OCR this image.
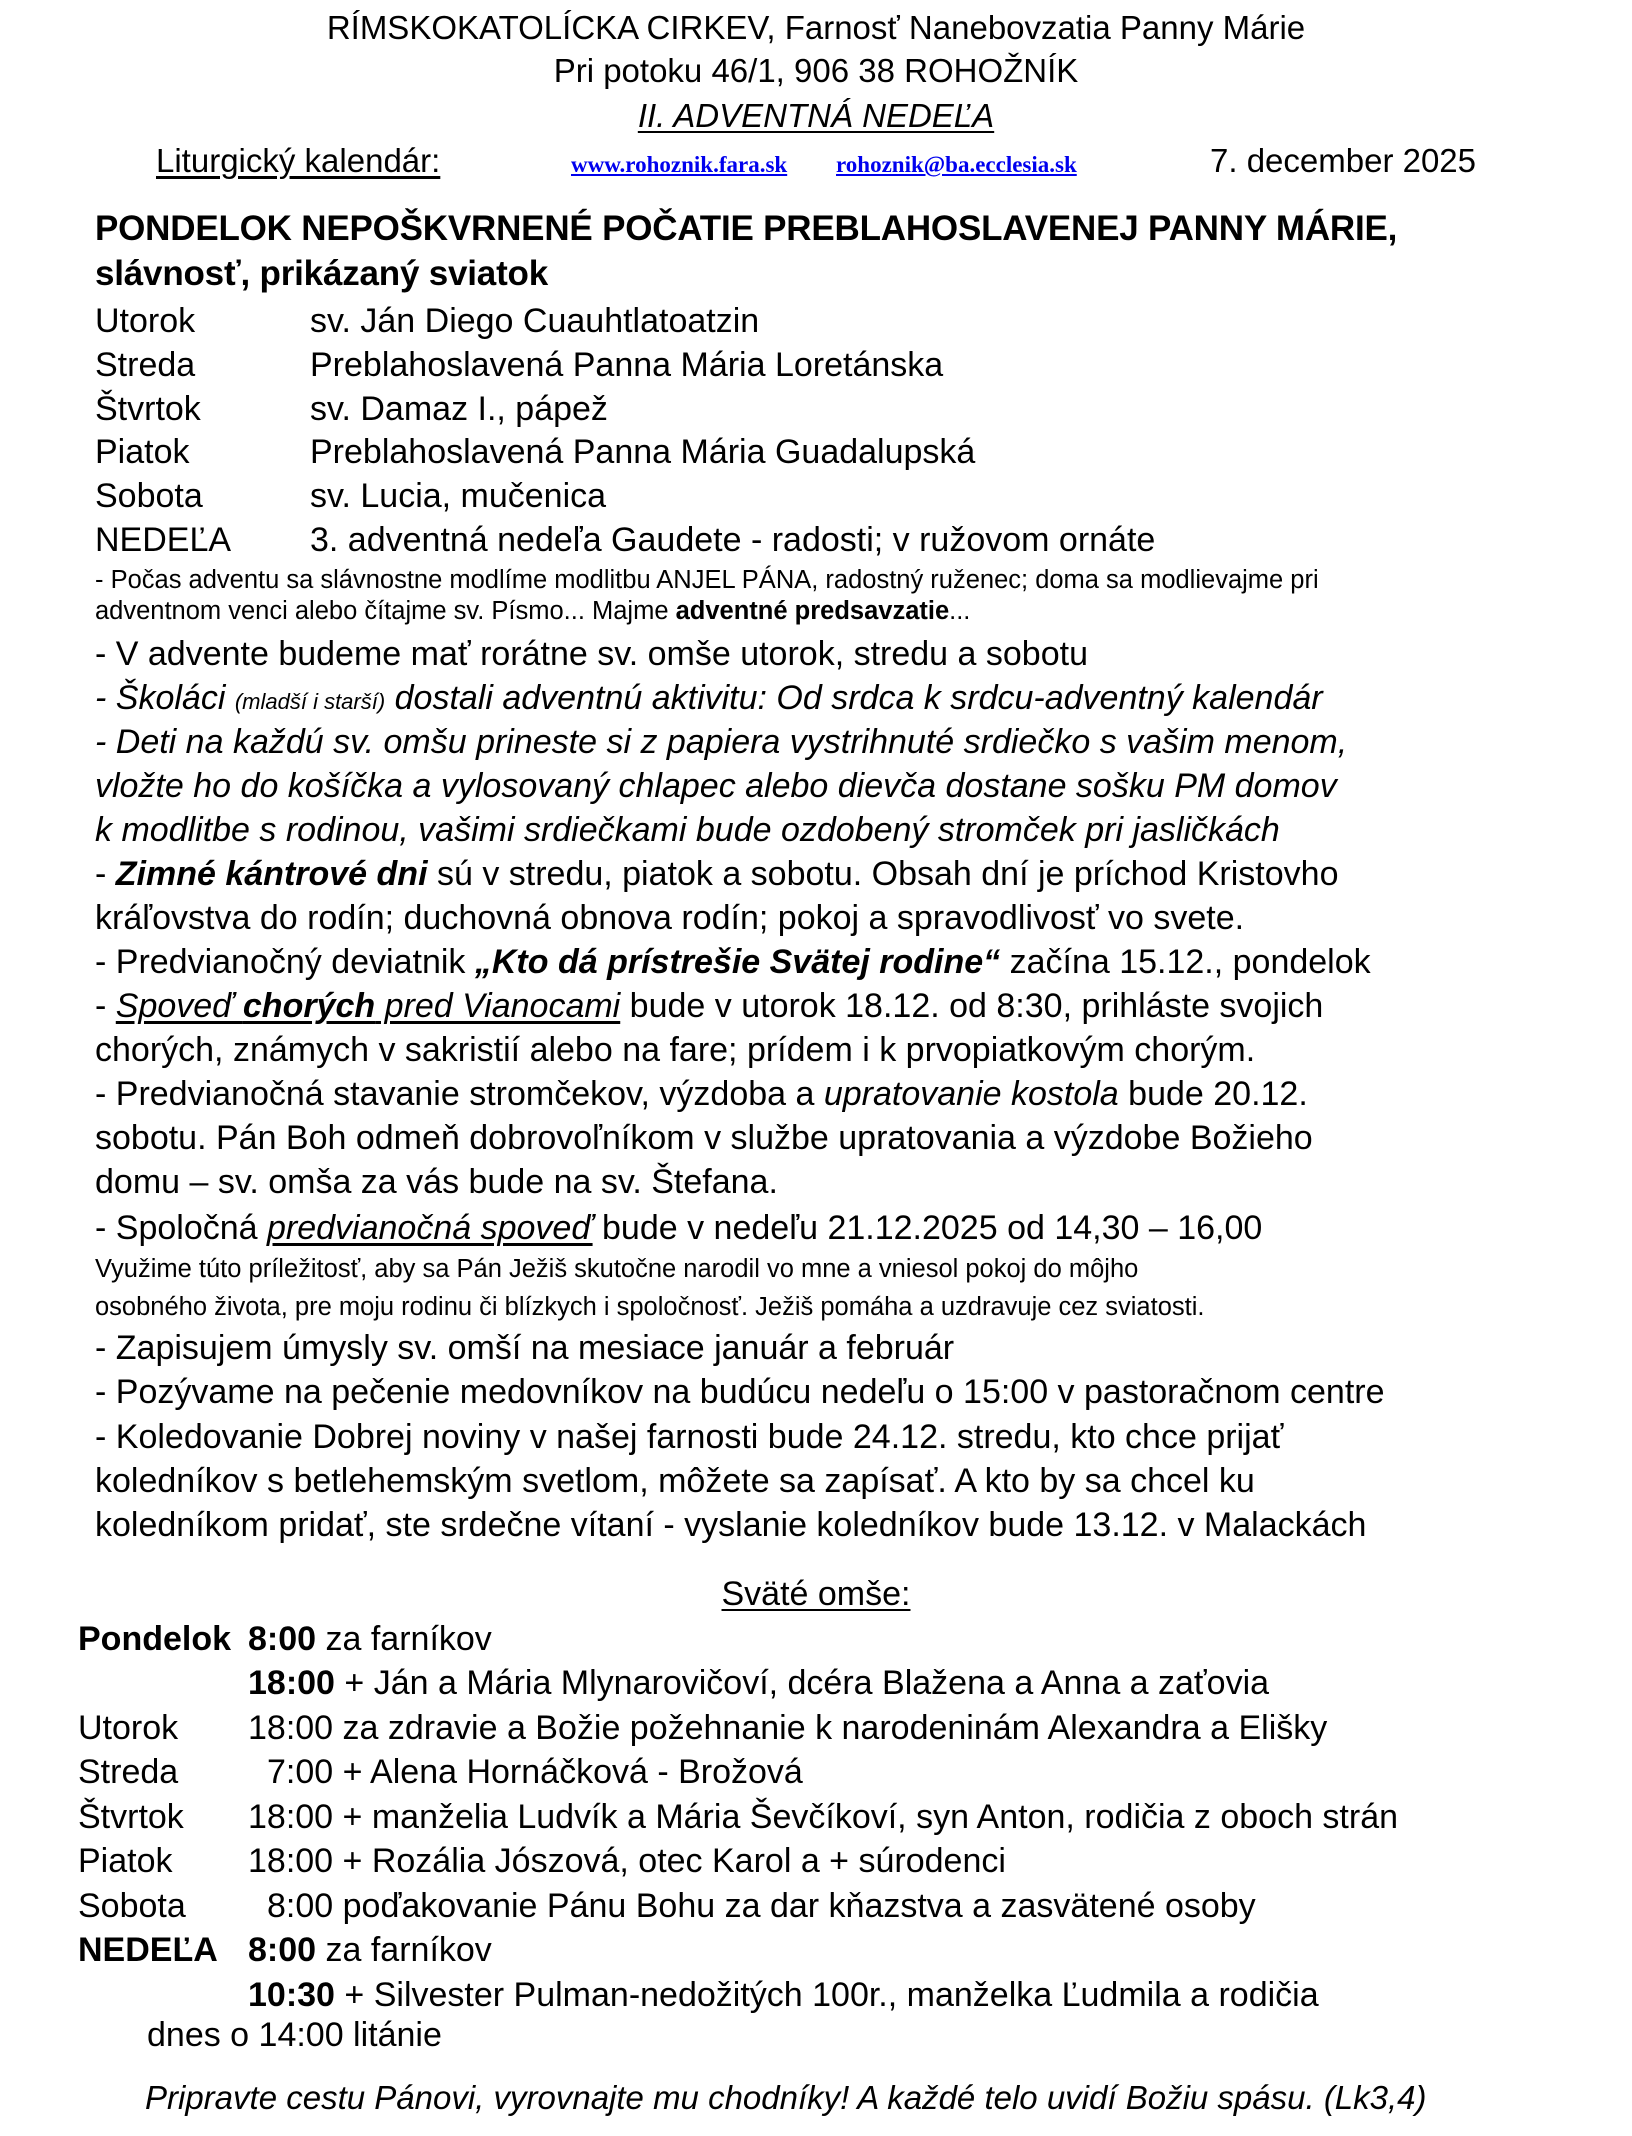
RÍMSKOKATOLÍCKA CIRKEV, Farnosť Nanebovzatia Panny Márie
Pri potoku 46/1, 906 38 ROHOŽNÍK
II. ADVENTNÁ NEDEĽA
Liturgický kalendár:	www.rohoznik.fara.sk rohoznik@ba.ecclesia.sk	7. december 2025
PONDELOK NEPOŠKVRNENÉ POČATIE PREBLAHOSLAVENEJ PANNY MÁRIE,
slávnosť, prikázaný sviatok
Utorok	sv. Ján Diego Cuauhtlatoatzin
Streda	Preblahoslavená Panna Mária Loretánska
Štvrtok	sv. Damaz I., pápež
Piatok	Preblahoslavená Panna Mária Guadalupská
Sobota	sv. Lucia, mučenica
NEDEĽA 3. adventná nedeľa Gaudete - radosti; v ružovom ornáte
- Počas adventu sa slávnostne modlíme modlitbu ANJEL PÁNA, radostný ruženec; doma sa modlievajme pri
adventnom venci alebo čítajme sv. Písmo... Majme adventné predsavzatie...
- V advente budeme mať rorátne sv. omše utorok, stredu a sobotu
- Školáci (mladší i starší) dostali adventnú aktivitu: Od srdca k srdcu-adventný kalendár
- Deti na každú sv. omšu prineste si z papiera vystrihnuté srdiečko s vašim menom,
vložte ho do košíčka a vylosovaný chlapec alebo dievča dostane sošku PM domov
k modlitbe s rodinou, vašimi srdiečkami bude ozdobený stromček pri jasličkách
- Zimné kántrové dni sú v stredu, piatok a sobotu. Obsah dní je príchod Kristovho
kráľovstva do rodín; duchovná obnova rodín; pokoj a spravodlivosť vo svete.
- Predvianočný deviatnik „Kto dá prístrešie Svätej rodine“ začína 15.12., pondelok
- Spoveď chorých pred Vianocami bude v utorok 18.12. od 8:30, prihláste svojich
chorých, známych v sakristií alebo na fare; prídem i k prvopiatkovým chorým.
- Predvianočná stavanie stromčekov, výzdoba a upratovanie kostola bude 20.12.
sobotu. Pán Boh odmeň dobrovoľníkom v službe upratovania a výzdobe Božieho
domu – sv. omša za vás bude na sv. Štefana.
- Spoločná predvianočná spoveď bude v nedeľu 21.12.2025 od 14,30 – 16,00
Využime túto príležitosť, aby sa Pán Ježiš skutočne narodil vo mne a vniesol pokoj do môjho
osobného života, pre moju rodinu či blízkych i spoločnosť. Ježiš pomáha a uzdravuje cez sviatosti.
- Zapisujem úmysly sv. omší na mesiace január a február
- Pozývame na pečenie medovníkov na budúcu nedeľu o 15:00 v pastoračnom centre
- Koledovanie Dobrej noviny v našej farnosti bude 24.12. stredu, kto chce prijať
koledníkov s betlehemským svetlom, môžete sa zapísať. A kto by sa chcel ku
koledníkom pridať, ste srdečne vítaní - vyslanie koledníkov bude 13.12. v Malackách
Sväté omše:
Pondelok 8:00 za farníkov
18:00 + Ján a Mária Mlynarovičoví, dcéra Blažena a Anna a zaťovia
Utorok 18:00 za zdravie a Božie požehnanie k narodeninám Alexandra a Elišky
Streda	7:00 + Alena Hornáčková - Brožová
Štvrtok 18:00 + manželia Ludvík a Mária Ševčíkoví, syn Anton, rodičia z oboch strán
Piatok 18:00 + Rozália Jószová, otec Karol a + súrodenci
Sobota 8:00 poďakovanie Pánu Bohu za dar kňazstva a zasvätené osoby
NEDEĽA 8:00 za farníkov
10:30 + Silvester Pulman-nedožitých 100r., manželka Ľudmila a rodičia
dnes o 14:00 litánie
Pripravte cestu Pánovi, vyrovnajte mu chodníky! A každé telo uvidí Božiu spásu. (Lk3,4)
